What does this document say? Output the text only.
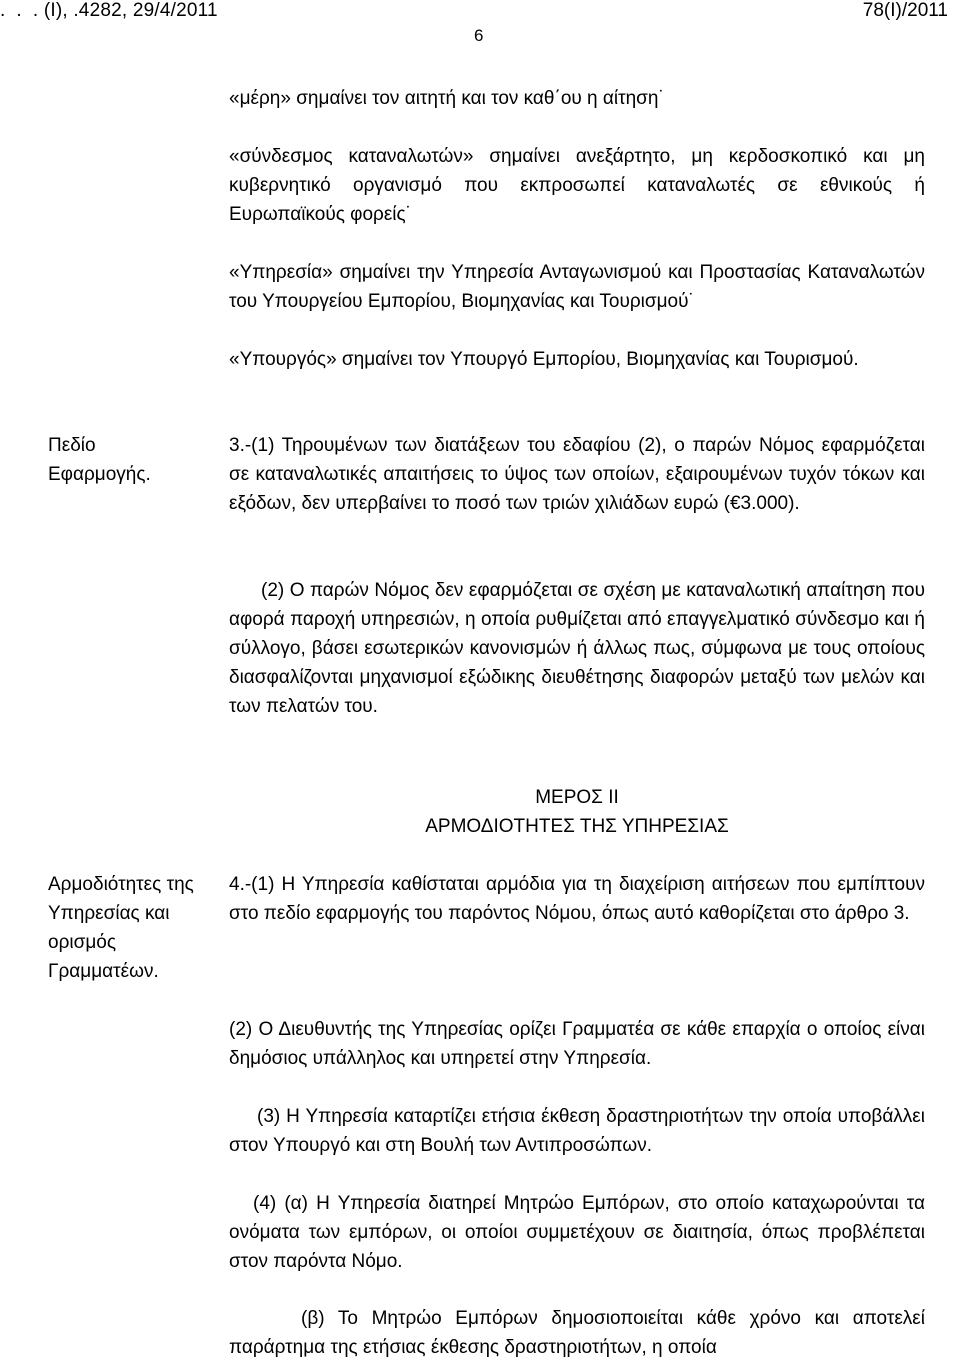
.  .  . (Ι), .4282, 29/4/2011	78(Ι)/2011
6
«μέρη» σημαίνει τον αιτητή και τον καθ΄ου η αίτηση˙
«σύνδεσμος καταναλωτών» σημαίνει ανεξάρτητο, μη κερδοσκοπικό και μη κυβερνητικό οργανισμό που εκπροσωπεί καταναλωτές σε εθνικούς ή Ευρωπαϊκούς φορείς˙
«Υπηρεσία» σημαίνει την Υπηρεσία Ανταγωνισμού και Προστασίας Καταναλωτών του Υπουργείου Εμπορίου, Βιομηχανίας και Τουρισμού˙
«Υπουργός» σημαίνει τον Υπουργό Εμπορίου, Βιομηχανίας και Τουρισμού.
Πεδίο Εφαρμογής.
3.-(1) Τηρουμένων των διατάξεων του εδαφίου (2), ο παρών Νόμος εφαρμόζεται σε καταναλωτικές απαιτήσεις το ύψος των οποίων, εξαιρουμένων τυχόν τόκων και εξόδων, δεν υπερβαίνει το ποσό των τριών χιλιάδων ευρώ (€3.000).
(2) Ο παρών Νόμος δεν εφαρμόζεται σε σχέση με καταναλωτική απαίτηση που αφορά παροχή υπηρεσιών, η οποία ρυθμίζεται από επαγγελματικό σύνδεσμο και ή σύλλογο, βάσει εσωτερικών κανονισμών ή άλλως πως, σύμφωνα με τους οποίους διασφαλίζονται μηχανισμοί εξώδικης διευθέτησης διαφορών μεταξύ των μελών και των πελατών του.
ΜΕΡΟΣ ΙΙ
ΑΡΜΟΔΙΟΤΗΤΕΣ ΤΗΣ ΥΠΗΡΕΣΙΑΣ
Αρμοδιότητες της Υπηρεσίας και ορισμός Γραμματέων.
4.-(1) Η Υπηρεσία καθίσταται αρμόδια για τη διαχείριση αιτήσεων που εμπίπτουν στο πεδίο εφαρμογής του παρόντος Νόμου, όπως αυτό καθορίζεται στο άρθρο 3.
(2) Ο Διευθυντής της Υπηρεσίας ορίζει Γραμματέα σε κάθε επαρχία ο οποίος είναι δημόσιος υπάλληλος και υπηρετεί στην Υπηρεσία.
(3) Η Υπηρεσία καταρτίζει ετήσια έκθεση δραστηριοτήτων την οποία υποβάλλει στον Υπουργό και στη Βουλή των Αντιπροσώπων.
(4) (α) Η Υπηρεσία διατηρεί Μητρώο Εμπόρων, στο οποίο καταχωρούνται τα ονόματα των εμπόρων, οι οποίοι συμμετέχουν σε διαιτησία, όπως προβλέπεται στον παρόντα Νόμο.
(β) Το Μητρώο Εμπόρων δημοσιοποιείται κάθε χρόνο και αποτελεί παράρτημα της ετήσιας έκθεσης δραστηριοτήτων, η οποία
